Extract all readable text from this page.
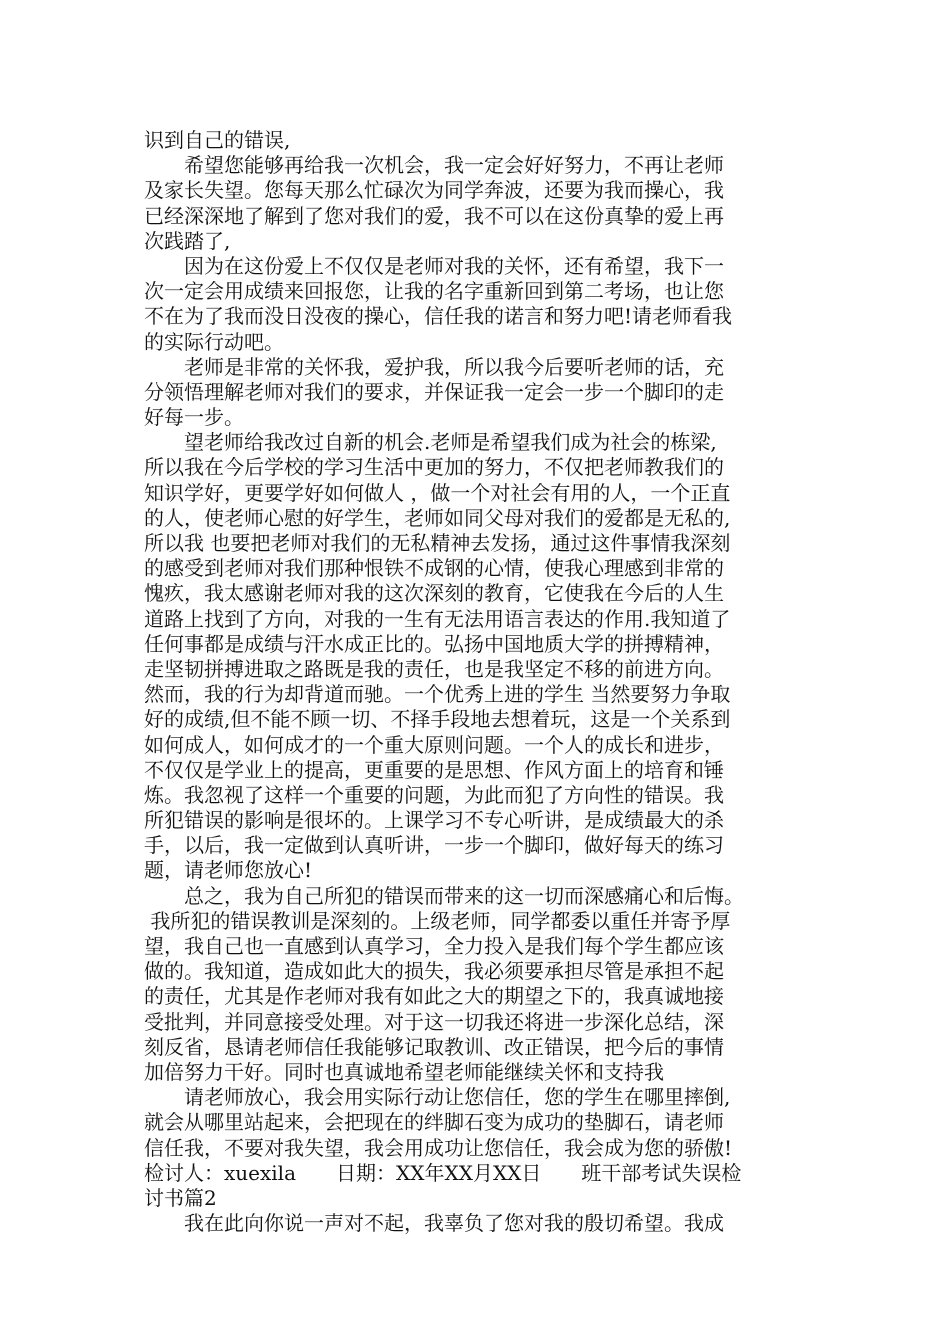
识到自己的错误,
　　希望您能够再给我一次机会，我一定会好好努力，不再让老师
及家长失望。您每天那么忙碌次为同学奔波，还要为我而操心，我
已经深深地了解到了您对我们的爱，我不可以在这份真挚的爱上再
次践踏了,
　　因为在这份爱上不仅仅是老师对我的关怀，还有希望，我下一
次一定会用成绩来回报您，让我的名字重新回到第二考场，也让您
不在为了我而没日没夜的操心，信任我的诺言和努力吧!请老师看我
的实际行动吧。
　　老师是非常的关怀我，爱护我，所以我今后要听老师的话，充
分领悟理解老师对我们的要求，并保证我一定会一步一个脚印的走
好每一步。
　　望老师给我改过自新的机会.老师是希望我们成为社会的栋梁,
所以我在今后学校的学习生活中更加的努力，不仅把老师教我们的
知识学好，更要学好如何做人 ，做一个对社会有用的人，一个正直
的人，使老师心慰的好学生，老师如同父母对我们的爱都是无私的,
所以我 也要把老师对我们的无私精神去发扬，通过这件事情我深刻
的感受到老师对我们那种恨铁不成钢的心情，使我心理感到非常的
愧疚，我太感谢老师对我的这次深刻的教育，它使我在今后的人生
道路上找到了方向，对我的一生有无法用语言表达的作用.我知道了
任何事都是成绩与汗水成正比的。弘扬中国地质大学的拼搏精神，
走坚韧拼搏进取之路既是我的责任，也是我坚定不移的前进方向。
然而，我的行为却背道而驰。一个优秀上进的学生 当然要努力争取
好的成绩,但不能不顾一切、不择手段地去想着玩，这是一个关系到
如何成人，如何成才的一个重大原则问题。一个人的成长和进步，
不仅仅是学业上的提高，更重要的是思想、作风方面上的培育和锤
炼。我忽视了这样一个重要的问题，为此而犯了方向性的错误。我
所犯错误的影响是很坏的。上课学习不专心听讲，是成绩最大的杀
手，以后，我一定做到认真听讲，一步一个脚印，做好每天的练习
题，请老师您放心!
　　总之，我为自己所犯的错误而带来的这一切而深感痛心和后悔。
我所犯的错误教训是深刻的。上级老师，同学都委以重任并寄予厚
望，我自己也一直感到认真学习，全力投入是我们每个学生都应该
做的。我知道，造成如此大的损失，我必须要承担尽管是承担不起
的责任，尤其是作老师对我有如此之大的期望之下的，我真诚地接
受批判，并同意接受处理。对于这一切我还将进一步深化总结，深
刻反省，恳请老师信任我能够记取教训、改正错误，把今后的事情
加倍努力干好。同时也真诚地希望老师能继续关怀和支持我
　　请老师放心，我会用实际行动让您信任，您的学生在哪里摔倒,
就会从哪里站起来，会把现在的绊脚石变为成功的垫脚石，请老师
信任我，不要对我失望，我会用成功让您信任，我会成为您的骄傲!
检讨人：xuexila　　日期：XX年XX月XX日　　班干部考试失误检
讨书篇2
　　我在此向你说一声对不起，我辜负了您对我的殷切希望。我成
